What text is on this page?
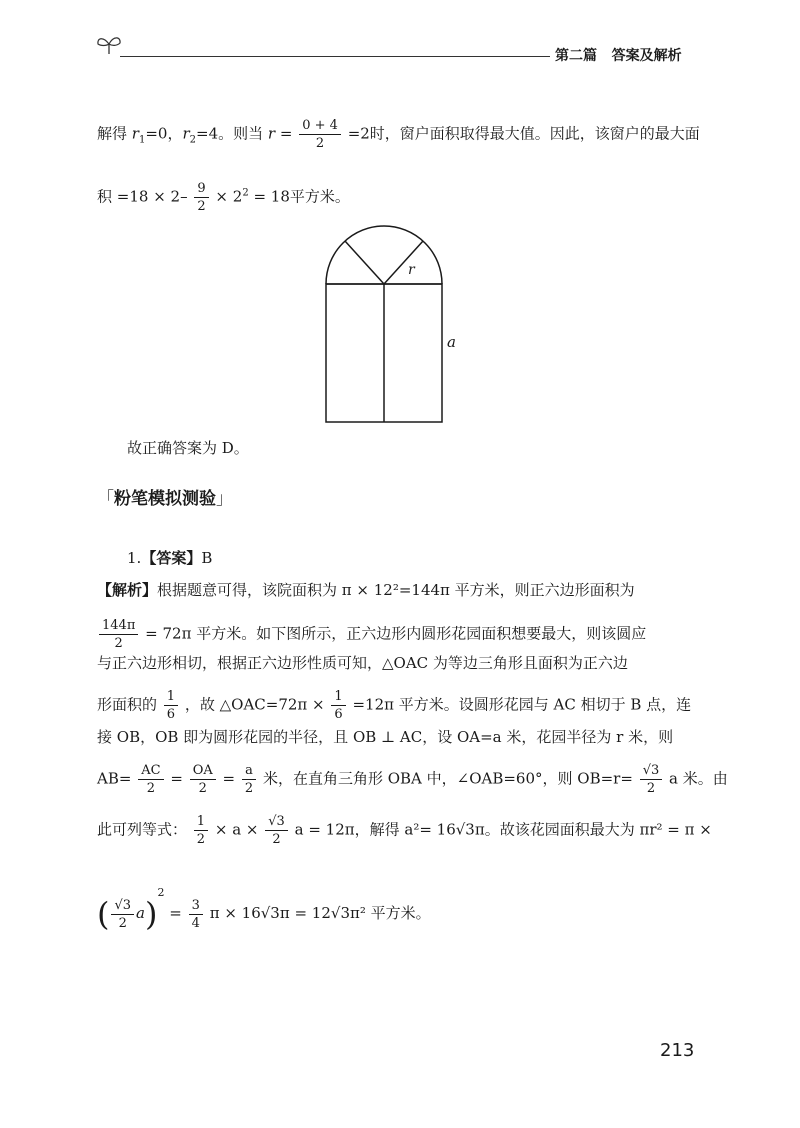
第二篇 答案及解析
解得 $r_1=0$，$r_2=4$。则当 $r = \frac{0 + 4}{2} =2$时，窗户面积取得最大值。因此，该窗户的最大面
积 $=18 \times 2- \frac{9}{2} \times 2^2 = 18$平方米。
r
a
故正确答案为 D。
「粉笔模拟测验」
1.【答案】B
【解析】根据题意可得，该院面积为 π × 12²=144π 平方米，则正六边形面积为
$\frac{144\pi}{2} = 72\pi$ 平方米。如下图所示，正六边形内圆形花园面积想要最大，则该圆应
与正六边形相切，根据正六边形性质可知，△OAC 为等边三角形且面积为正六边
形面积的 $\frac{1}{6}$ ，故 △OAC=72π × $\frac{1}{6} =12\pi$ 平方米。设圆形花园与 AC 相切于 B 点，连
接 OB，OB 即为圆形花园的半径，且 OB ⊥ AC，设 OA=a 米，花园半径为 r 米，则
$AB= \frac{AC}{2} = \frac{OA}{2} = \frac{a}{2}$ 米，在直角三角形 OBA 中，∠OAB=60°，则 $OB=r= \frac{√3}{2}$ a 米。由
此可列等式： $\frac{1}{2} \times a \times \frac{√3}{2}$ a = 12π，解得 a²= 16√3π。故该花园面积最大为 πr² = π ×
( $\frac{√3}{2} a)^2 = \frac{3}{4}$ π × 16√3π = 12√3π² 平方米。
213
